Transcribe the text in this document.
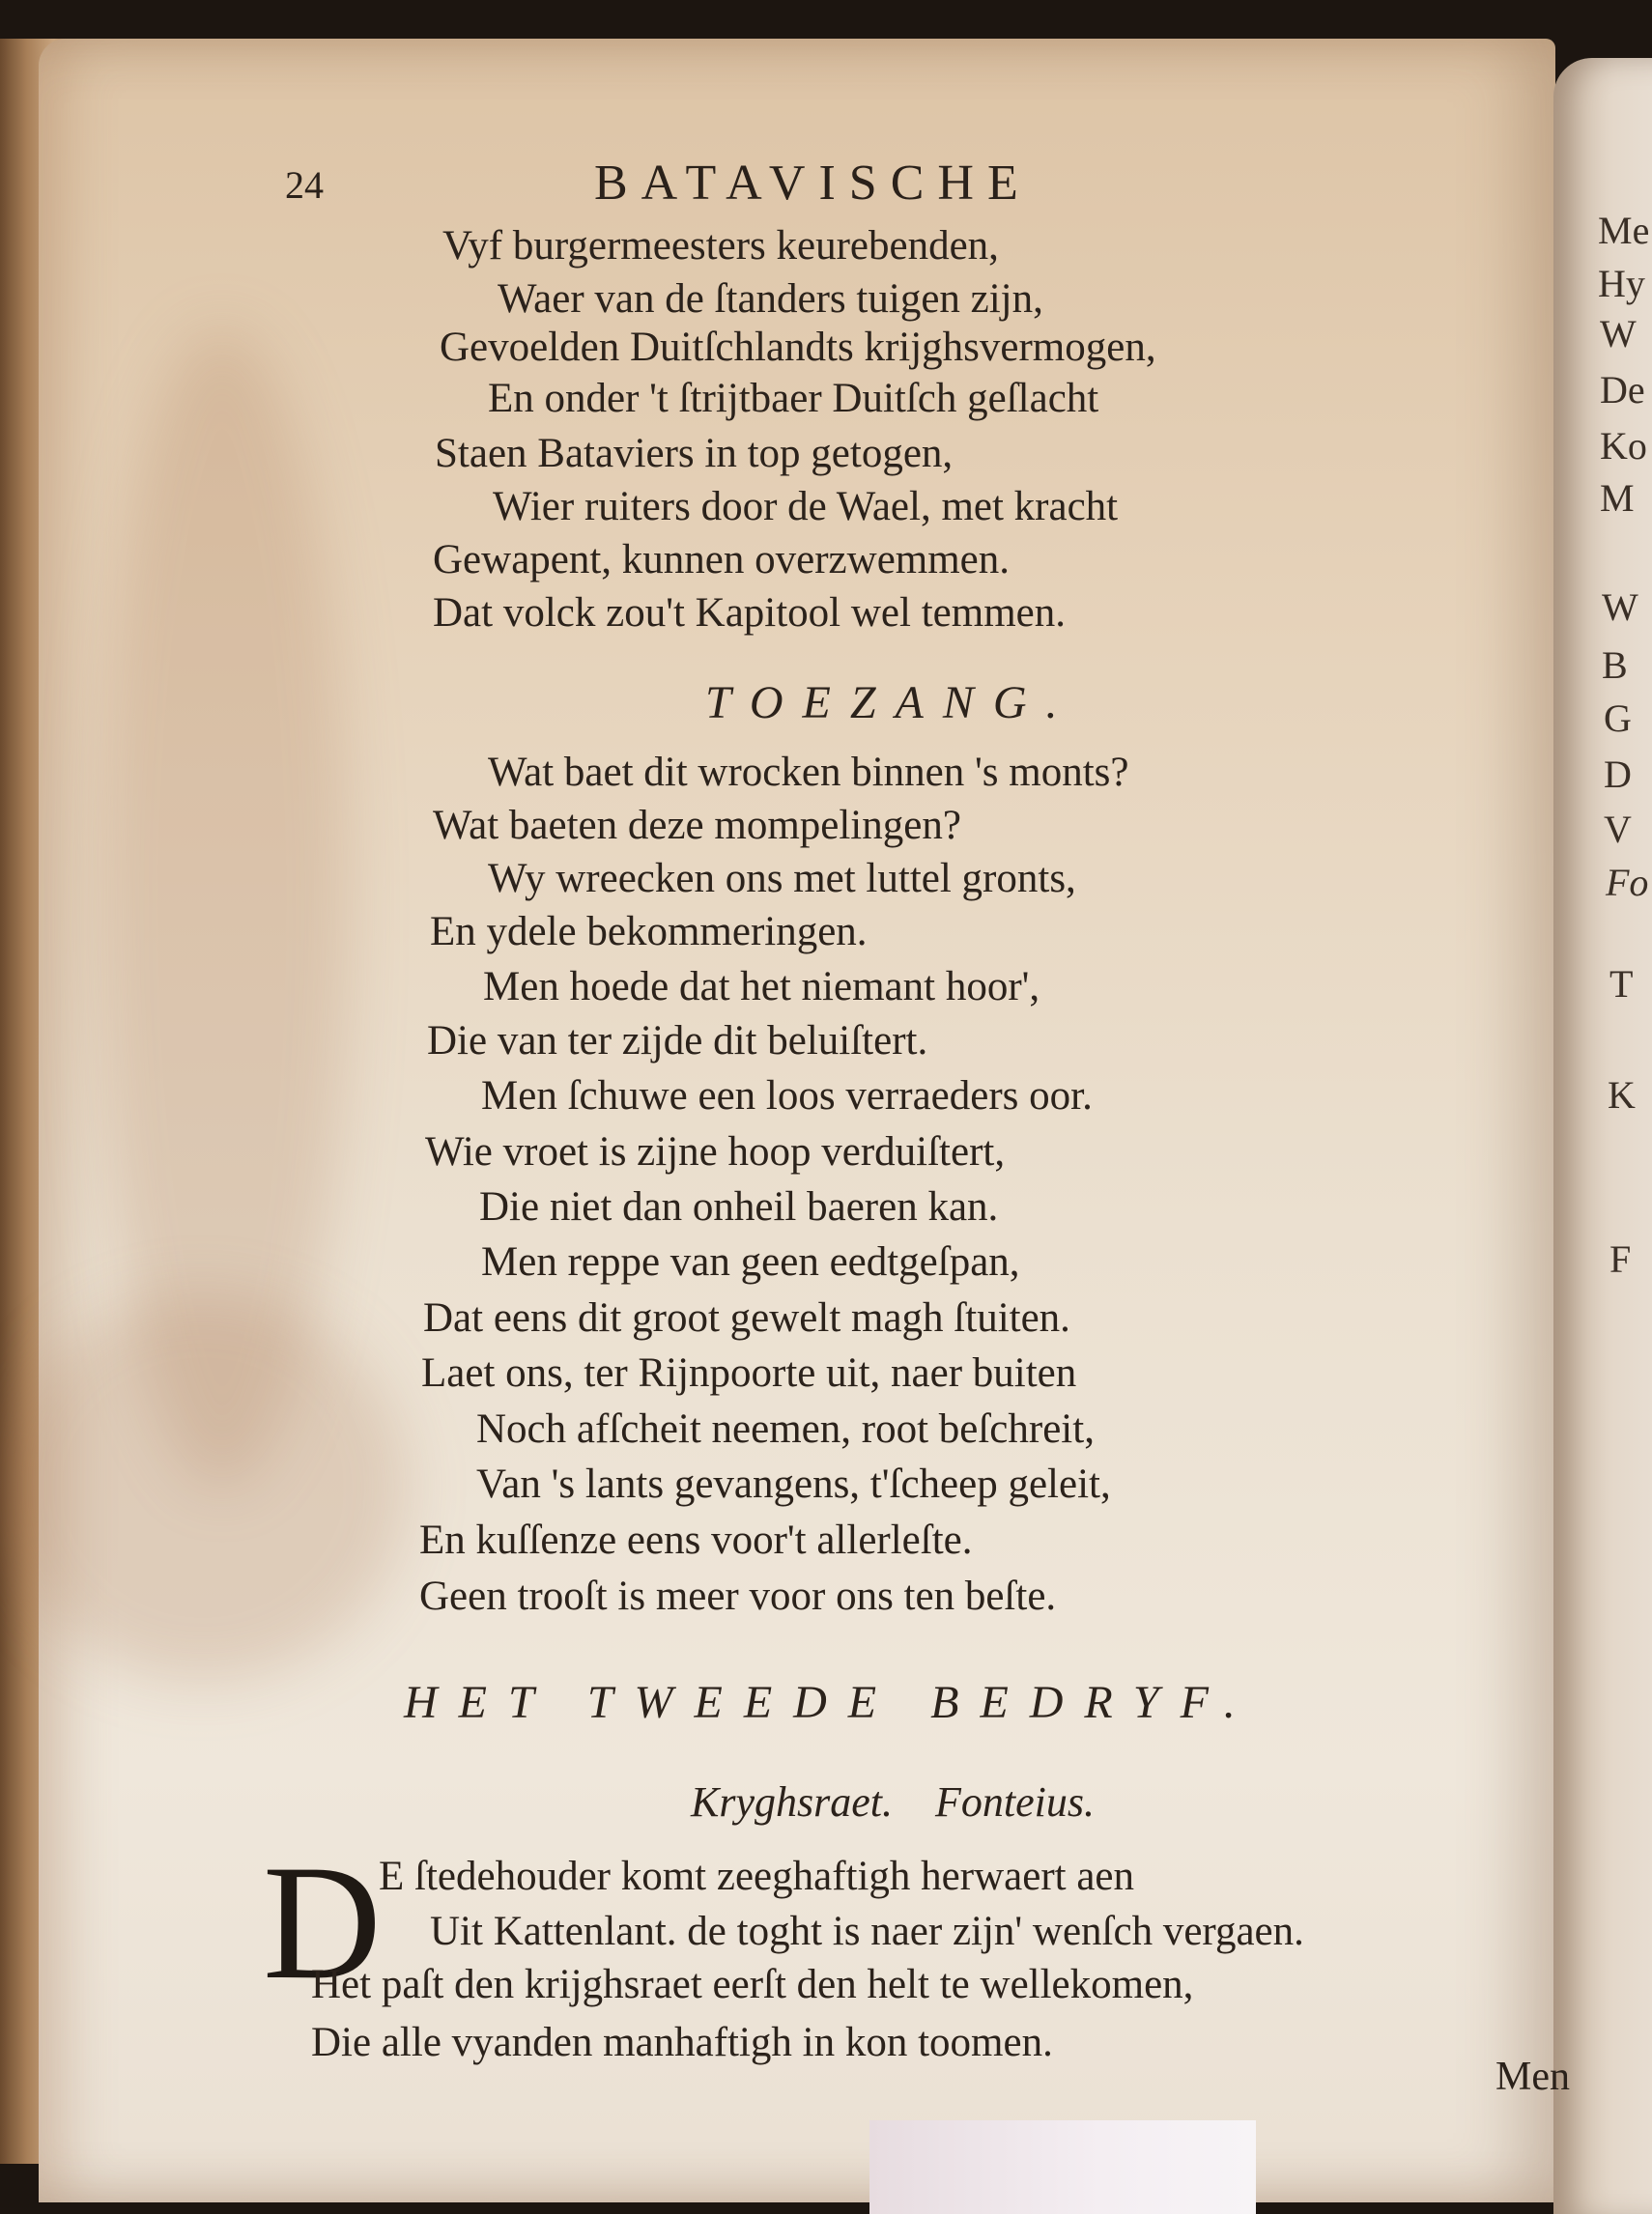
Me
Hy
W
De
Ko
M
W
B
G
D
V
Fo
T
K
F
24	BATAVISCHE
Vyf burgermeesters keurebenden,
Waer van de ſtanders tuigen zijn,
Gevoelden Duitſchlandts krijghsvermogen,
En onder 't ſtrijtbaer Duitſch geſlacht
Staen Bataviers in top getogen,
Wier ruiters door de Wael, met kracht
Gewapent, kunnen overzwemmen.
Dat volck zou't Kapitool wel temmen.
TOEZANG.
Wat baet dit wrocken binnen 's monts?
Wat baeten deze mompelingen?
Wy wreecken ons met luttel gronts,
En ydele bekommeringen.
Men hoede dat het niemant hoor',
Die van ter zijde dit beluiſtert.
Men ſchuwe een loos verraeders oor.
Wie vroet is zijne hoop verduiſtert,
Die niet dan onheil baeren kan.
Men reppe van geen eedtgeſpan,
Dat eens dit groot gewelt magh ſtuiten.
Laet ons, ter Rijnpoorte uit, naer buiten
Noch afſcheit neemen, root beſchreit,
Van 's lants gevangens, t'ſcheep geleit,
En kuſſenze eens voor't allerleſte.
Geen trooſt is meer voor ons ten beſte.
HET TWEEDE BEDRYF.
Kryghsraet.    Fonteius.
D
E ſtedehouder komt zeeghaftigh herwaert aen
Uit Kattenlant. de toght is naer zijn' wenſch vergaen.
Het paſt den krijghsraet eerſt den helt te wellekomen,
Die alle vyanden manhaftigh in kon toomen.
Men
